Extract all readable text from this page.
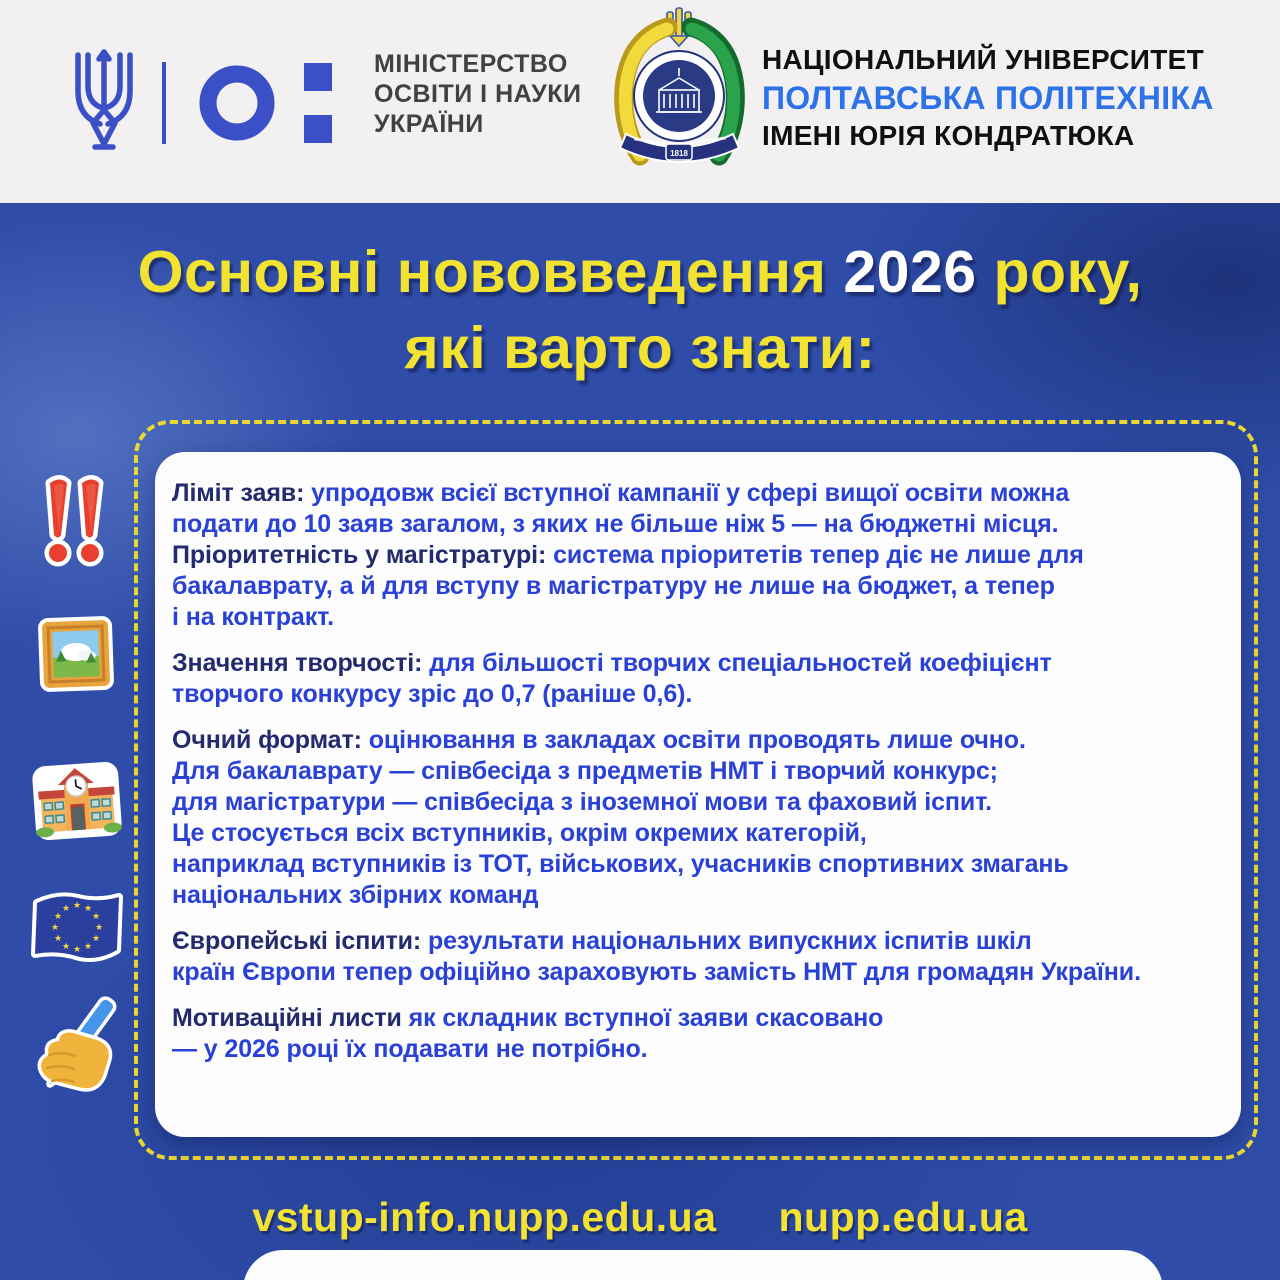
МІНІСТЕРСТВО
ОСВІТИ І НАУКИ
УКРАЇНИ
1818
НАЦІОНАЛЬНИЙ УНІВЕРСИТЕТ
ПОЛТАВСЬКА ПОЛІТЕХНІКА
ІМЕНІ ЮРІЯ КОНДРАТЮКА
Основні нововведення 2026 року,
які варто знати:
Ліміт заяв: упродовж всієї вступної кампанії у сфері вищої освіти можна
подати до 10 заяв загалом, з яких не більше ніж 5 — на бюджетні місця.
Пріоритетність у магістратурі: система пріоритетів тепер діє не лише для
бакалаврату, а й для вступу в магістратуру не лише на бюджет, а тепер
і на контракт.
Значення творчості: для більшості творчих спеціальностей коефіцієнт
творчого конкурсу зріс до 0,7 (раніше 0,6).
Очний формат: оцінювання в закладах освіти проводять лише очно.
Для бакалаврату — співбесіда з предметів НМТ і творчий конкурс;
для магістратури — співбесіда з іноземної мови та фаховий іспит.
Це стосується всіх вступників, окрім окремих категорій,
наприклад вступників із ТОТ, військових, учасників спортивних змагань
національних збірних команд
Європейські іспити: результати національних випускних іспитів шкіл
країн Європи тепер офіційно зараховують замість НМТ для громадян України.
Мотиваційні листи як складник вступної заяви скасовано
— у 2026 році їх подавати не потрібно.
★ ★
★
★
★
★
★
★
★
★
★
★
vstup-info.nupp.edu.ua nupp.edu.ua
